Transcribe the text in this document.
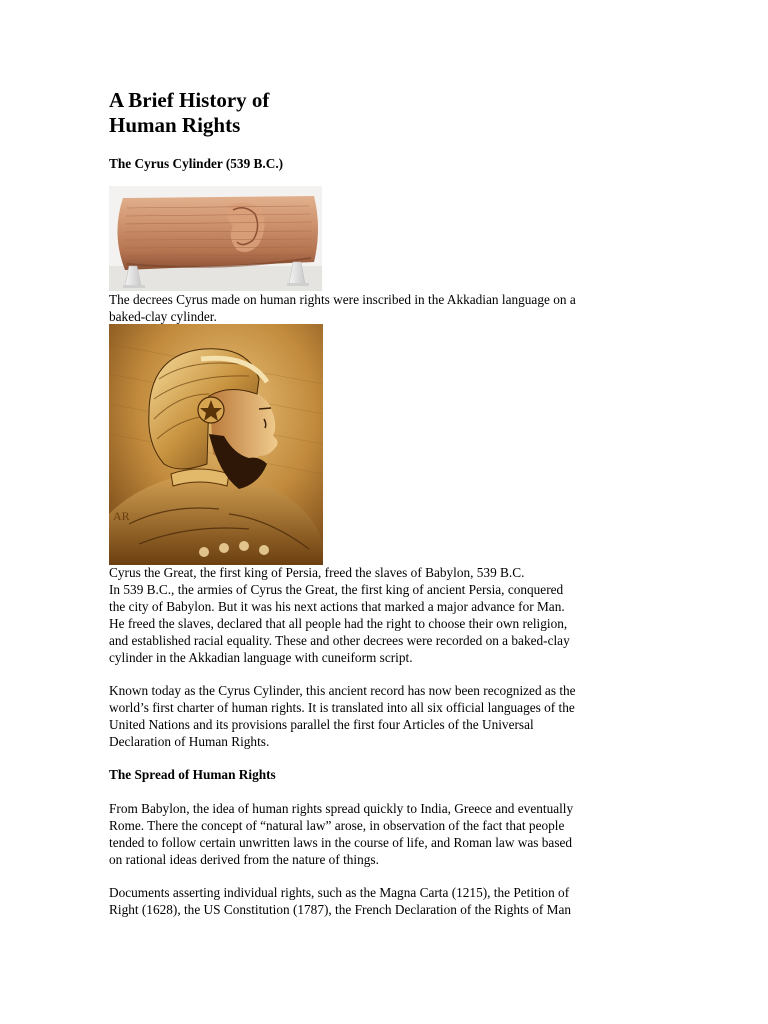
A Brief History of
Human Rights
The Cyrus Cylinder (539 B.C.)

The decrees Cyrus made on human rights were inscribed in the Akkadian language on a
baked-clay cylinder.

AR

Cyrus the Great, the first king of Persia, freed the slaves of Babylon, 539 B.C.
In 539 B.C., the armies of Cyrus the Great, the first king of ancient Persia, conquered
the city of Babylon. But it was his next actions that marked a major advance for Man.
He freed the slaves, declared that all people had the right to choose their own religion,
and established racial equality. These and other decrees were recorded on a baked-clay
cylinder in the Akkadian language with cuneiform script.

Known today as the Cyrus Cylinder, this ancient record has now been recognized as the
world’s first charter of human rights. It is translated into all six official languages of the
United Nations and its provisions parallel the first four Articles of the Universal
Declaration of Human Rights.

The Spread of Human Rights

From Babylon, the idea of human rights spread quickly to India, Greece and eventually
Rome. There the concept of “natural law” arose, in observation of the fact that people
tended to follow certain unwritten laws in the course of life, and Roman law was based
on rational ideas derived from the nature of things.

Documents asserting individual rights, such as the Magna Carta (1215), the Petition of
Right (1628), the US Constitution (1787), the French Declaration of the Rights of Man
